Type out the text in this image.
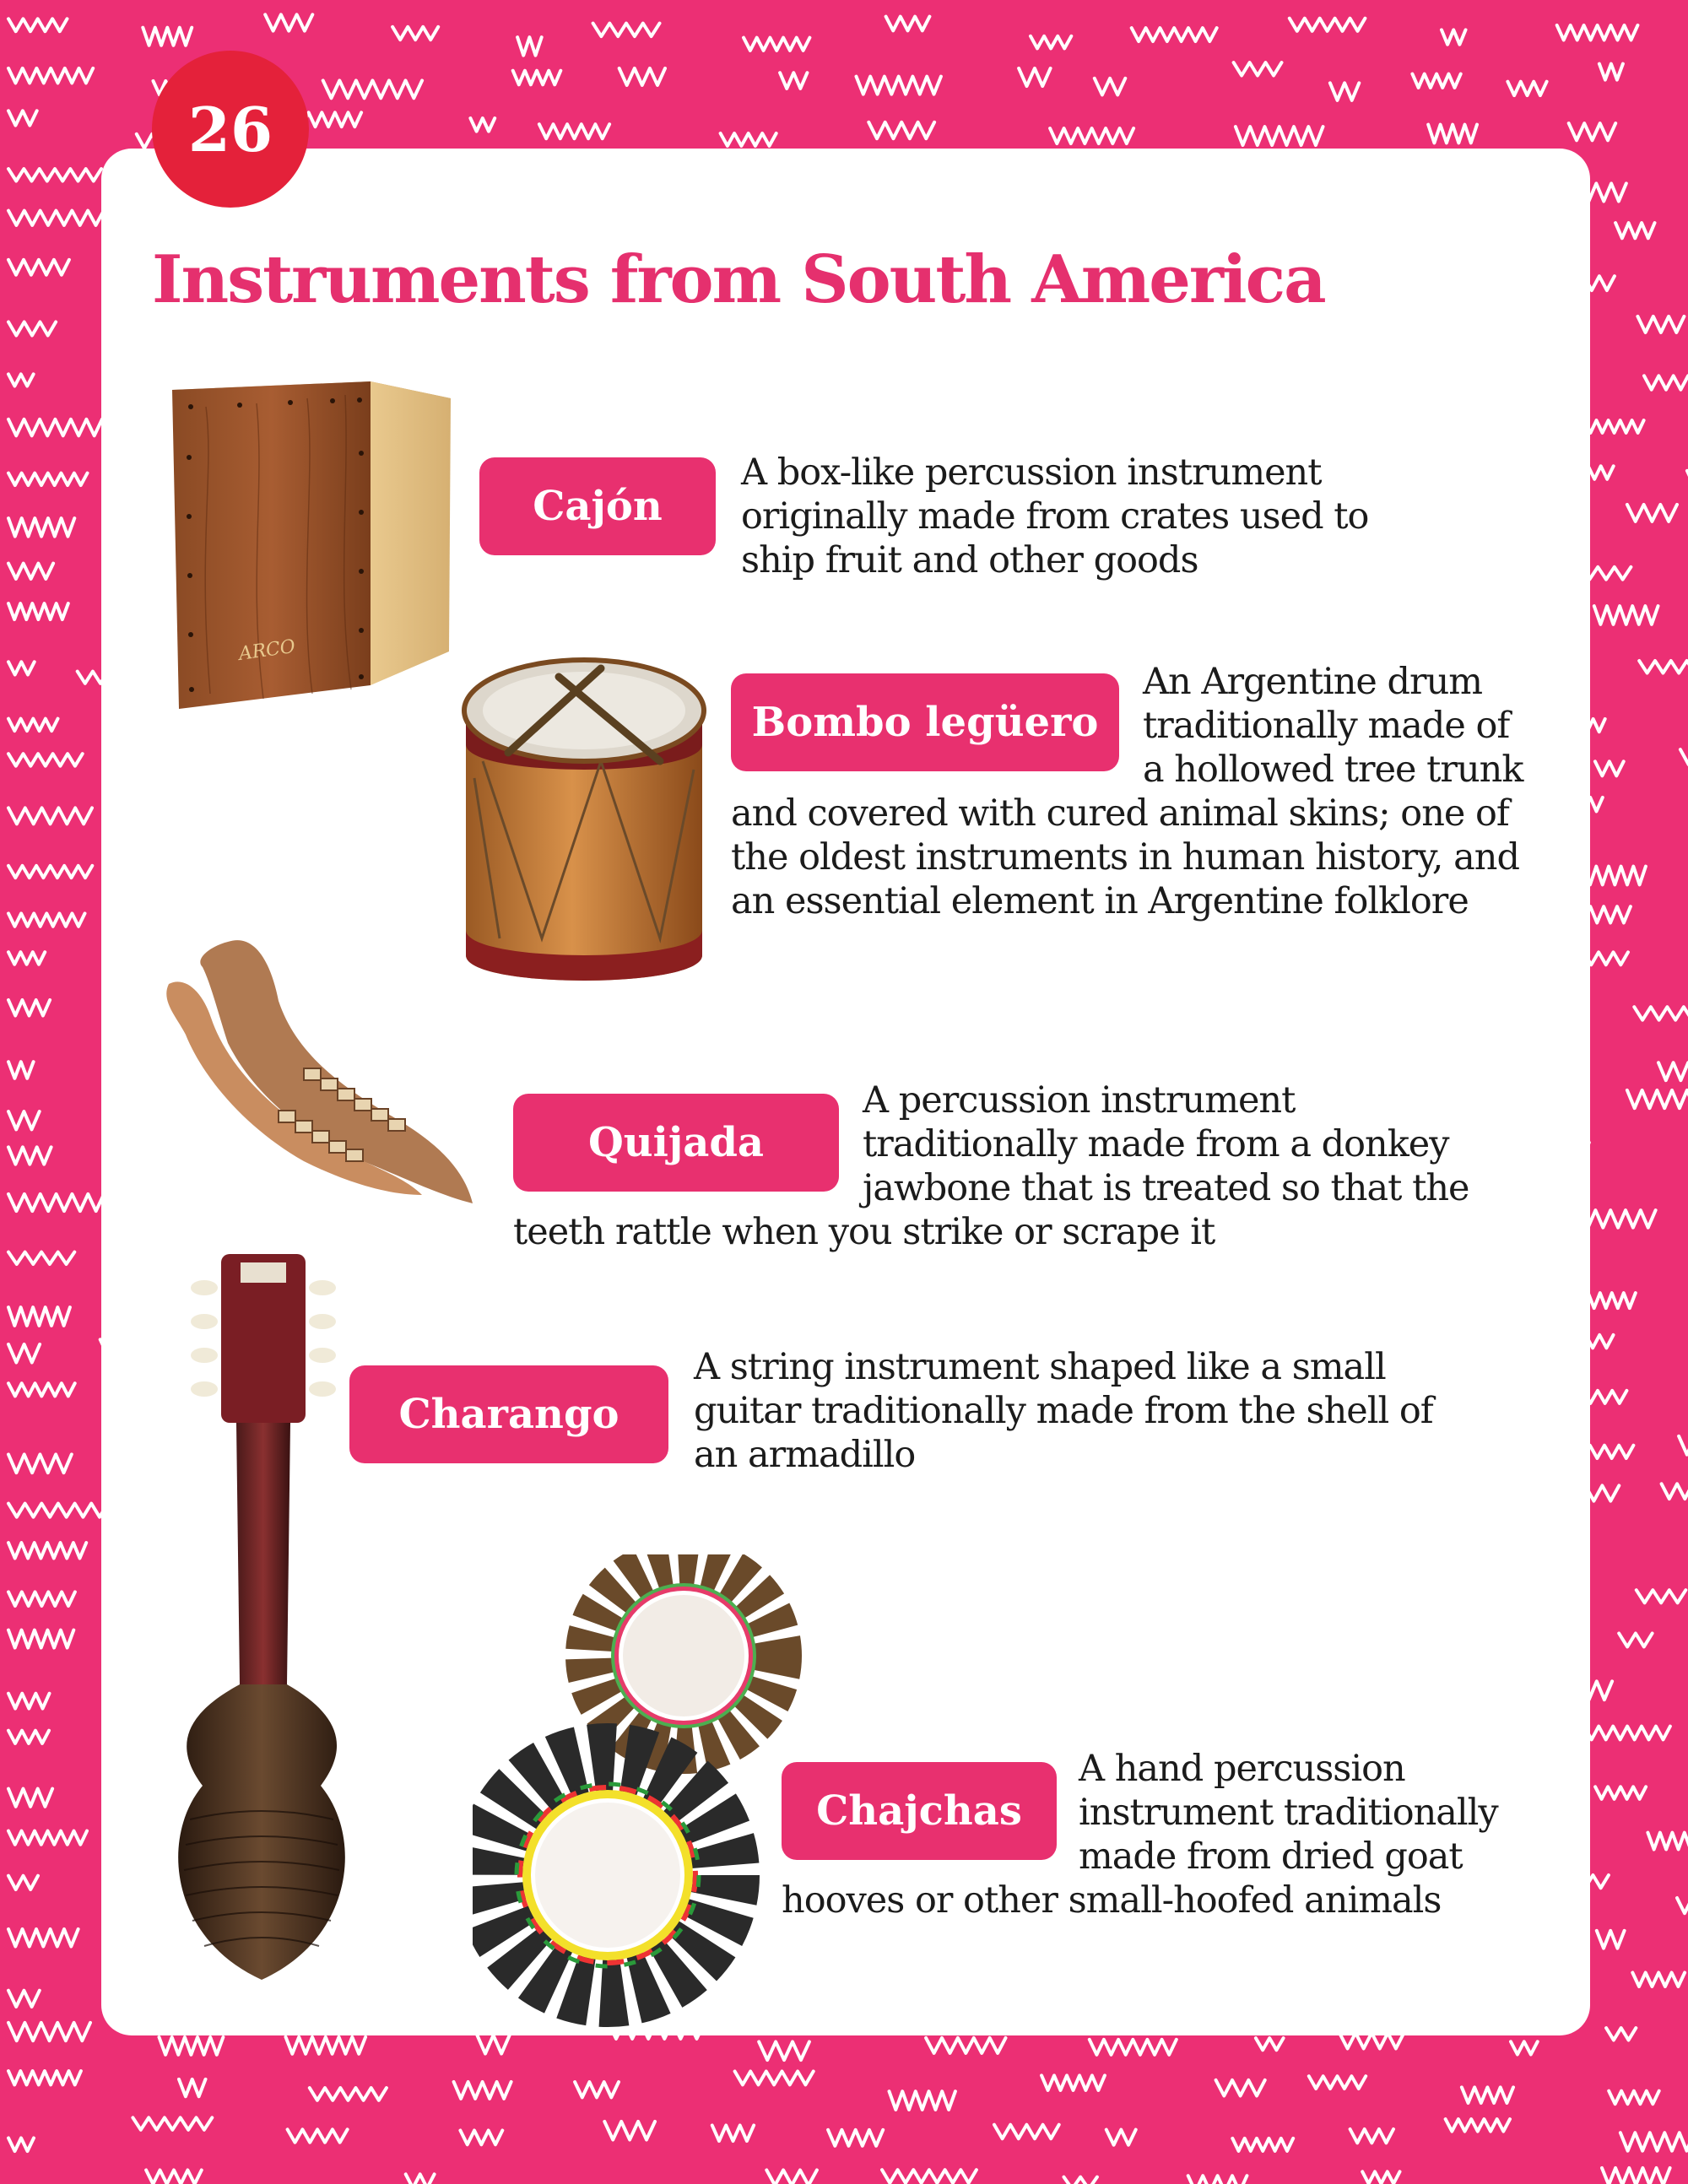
26
Instruments from South America
ARCO
Cajón

A box-like percussion instrument
originally made from crates used to
ship fruit and other goods

Bombo legüero

An Argentine drum
traditionally made of
a hollowed tree trunk

and covered with cured animal skins; one of
the oldest instruments in human history, and
an essential element in Argentine folklore

Quijada

A percussion instrument
traditionally made from a donkey
jawbone that is treated so that the

teeth rattle when you strike or scrape it

Charango

A string instrument shaped like a small
guitar traditionally made from the shell of
an armadillo

Chajchas

A hand percussion
instrument traditionally
made from dried goat

hooves or other small-hoofed animals
